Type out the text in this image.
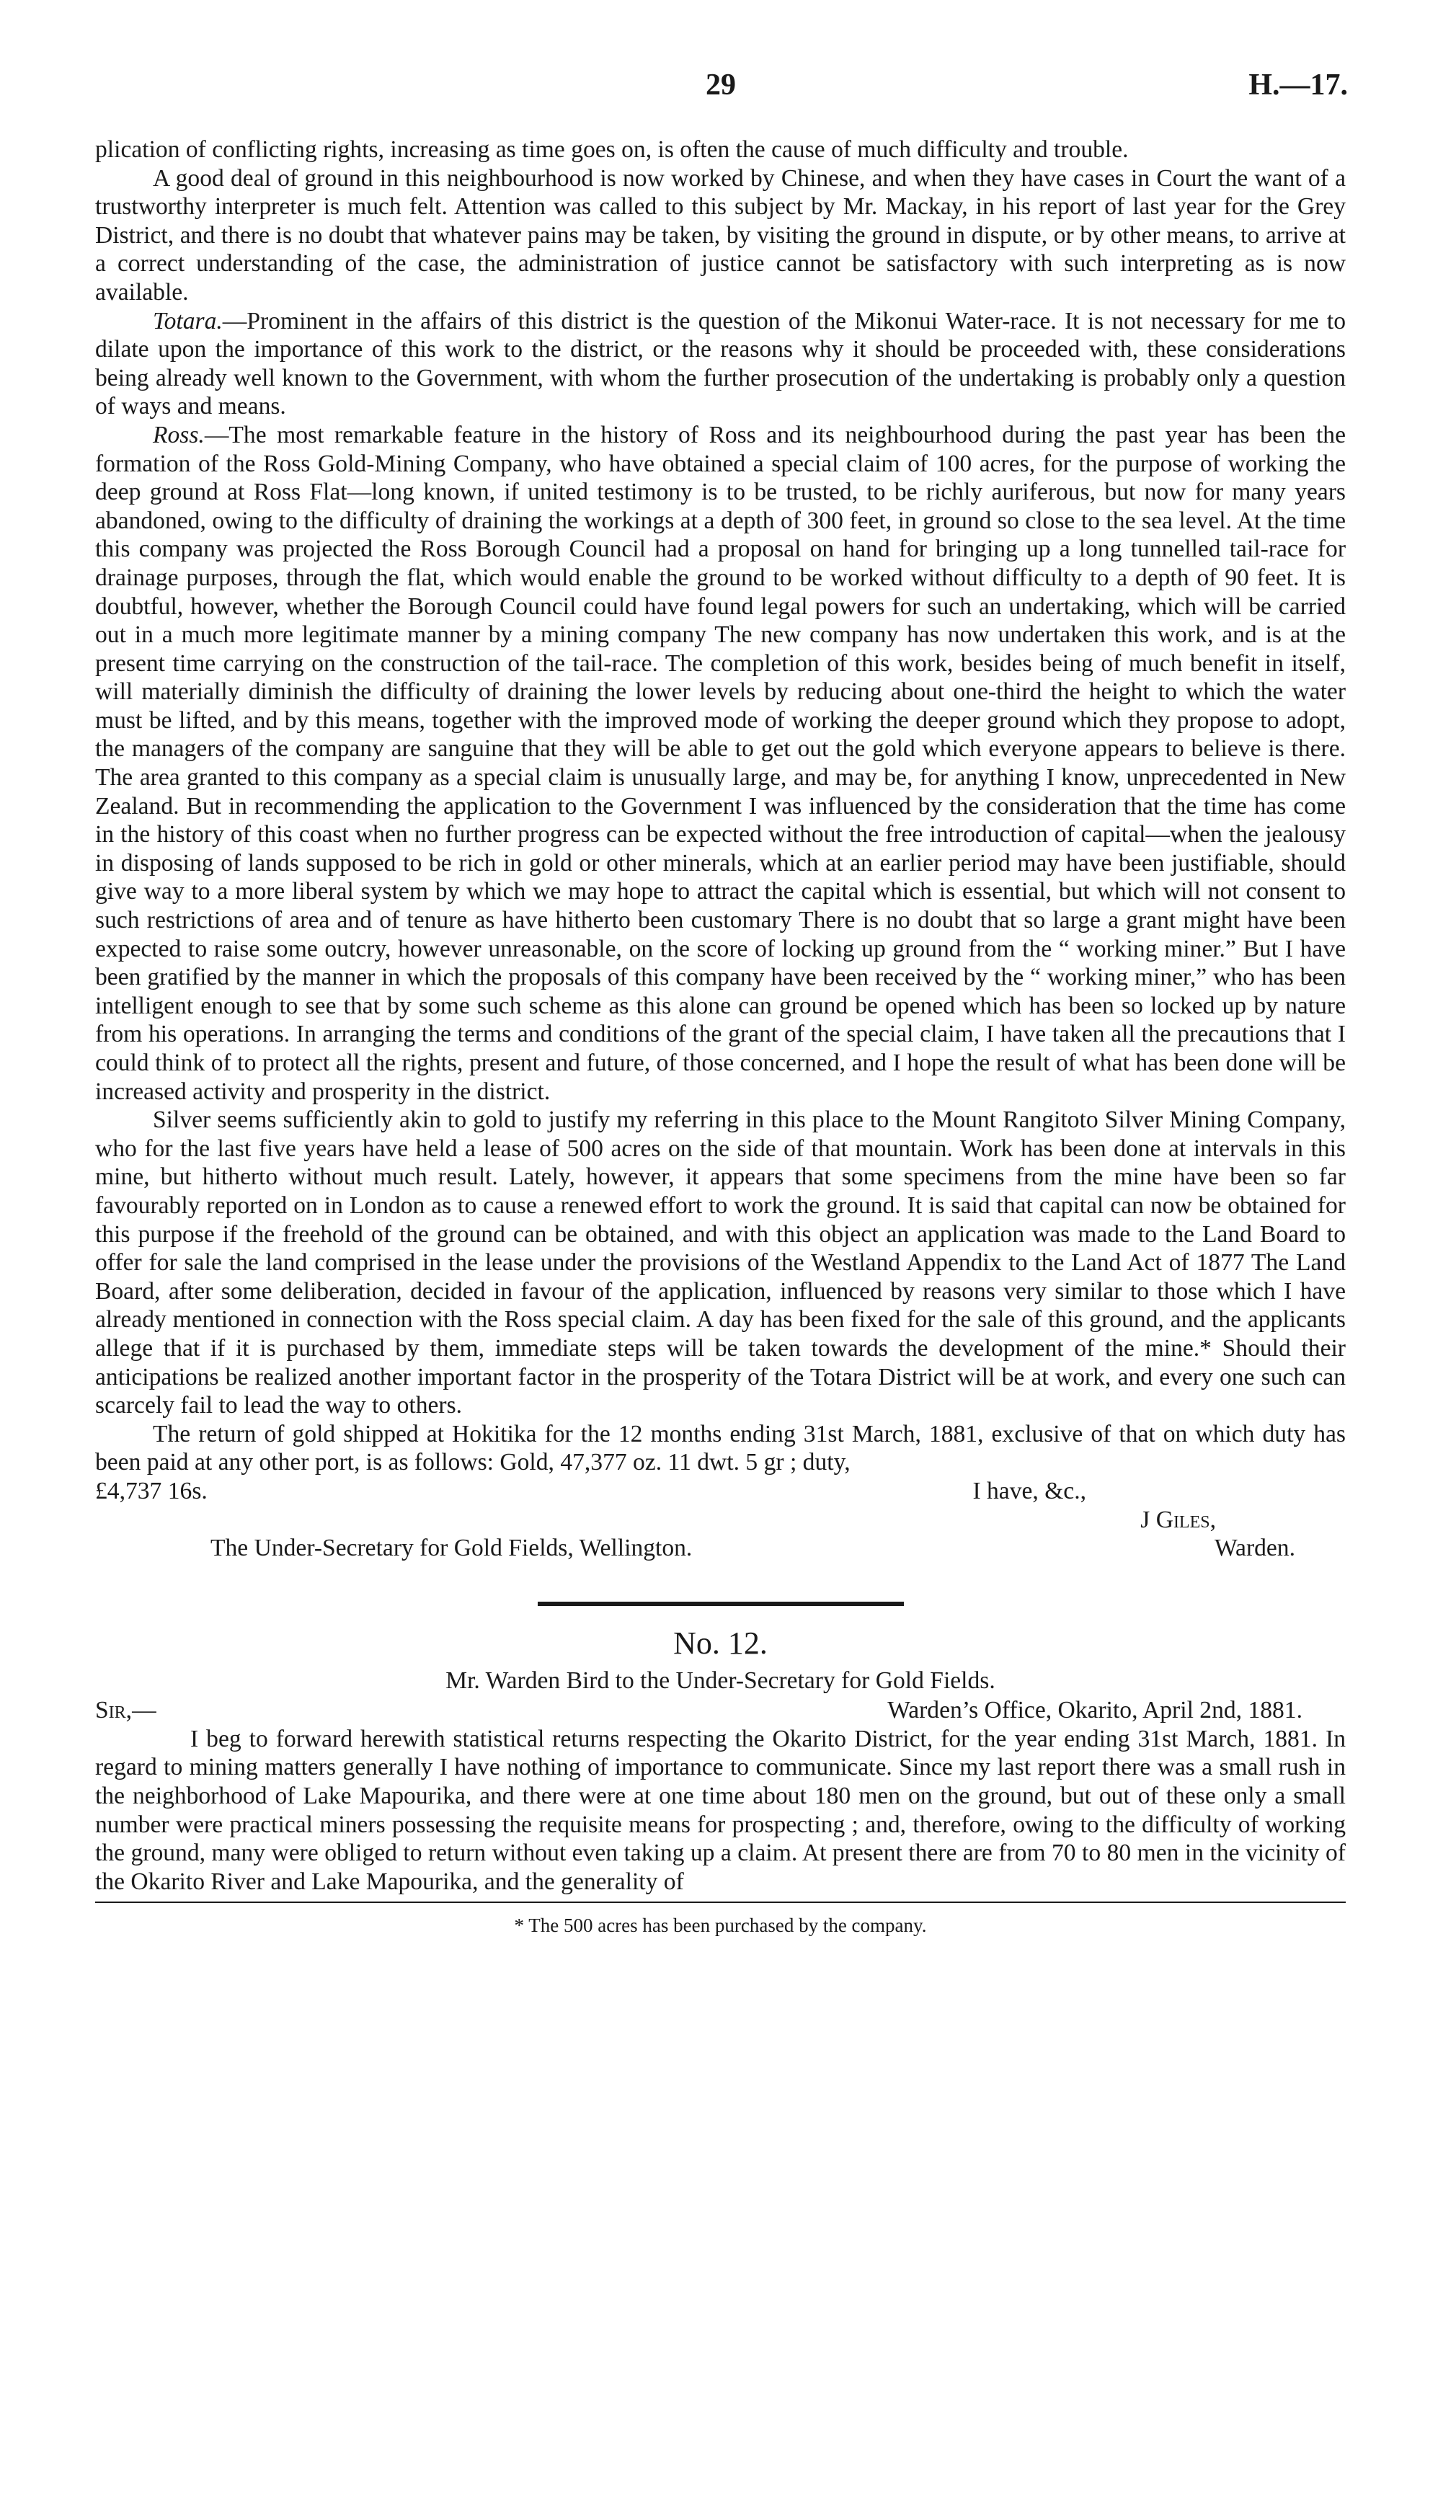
29	H.—17.

plication of conflicting rights, increasing as time goes on, is often the cause of much difficulty and trouble.

A good deal of ground in this neighbourhood is now worked by Chinese, and when they have cases in Court the want of a trustworthy interpreter is much felt. Attention was called to this subject by Mr. Mackay, in his report of last year for the Grey District, and there is no doubt that whatever pains may be taken, by visiting the ground in dispute, or by other means, to arrive at a correct understanding of the case, the administration of justice cannot be satisfactory with such interpreting as is now available.

Totara.—Prominent in the affairs of this district is the question of the Mikonui Water-race. It is not necessary for me to dilate upon the importance of this work to the district, or the reasons why it should be proceeded with, these considerations being already well known to the Government, with whom the further prosecution of the undertaking is probably only a question of ways and means.

Ross.—The most remarkable feature in the history of Ross and its neighbourhood during the past year has been the formation of the Ross Gold-Mining Company, who have obtained a special claim of 100 acres, for the purpose of working the deep ground at Ross Flat—long known, if united testimony is to be trusted, to be richly auriferous, but now for many years abandoned, owing to the difficulty of draining the workings at a depth of 300 feet, in ground so close to the sea level. At the time this company was projected the Ross Borough Council had a proposal on hand for bringing up a long tunnelled tail-race for drainage purposes, through the flat, which would enable the ground to be worked without difficulty to a depth of 90 feet. It is doubtful, however, whether the Borough Council could have found legal powers for such an undertaking, which will be carried out in a much more legitimate manner by a mining company The new company has now undertaken this work, and is at the present time carrying on the construction of the tail-race. The completion of this work, besides being of much benefit in itself, will materially diminish the difficulty of draining the lower levels by reducing about one-third the height to which the water must be lifted, and by this means, together with the improved mode of working the deeper ground which they propose to adopt, the managers of the company are sanguine that they will be able to get out the gold which everyone appears to believe is there. The area granted to this company as a special claim is unusually large, and may be, for anything I know, unprecedented in New Zealand. But in recommending the application to the Government I was influenced by the consideration that the time has come in the history of this coast when no further progress can be expected without the free introduction of capital—when the jealousy in disposing of lands supposed to be rich in gold or other minerals, which at an earlier period may have been justifiable, should give way to a more liberal system by which we may hope to attract the capital which is essential, but which will not consent to such restrictions of area and of tenure as have hitherto been customary There is no doubt that so large a grant might have been expected to raise some outcry, however unreasonable, on the score of locking up ground from the “ working miner.” But I have been gratified by the manner in which the proposals of this company have been received by the “ working miner,” who has been intelligent enough to see that by some such scheme as this alone can ground be opened which has been so locked up by nature from his operations. In arranging the terms and conditions of the grant of the special claim, I have taken all the precautions that I could think of to protect all the rights, present and future, of those concerned, and I hope the result of what has been done will be increased activity and prosperity in the district.

Silver seems sufficiently akin to gold to justify my referring in this place to the Mount Rangitoto Silver Mining Company, who for the last five years have held a lease of 500 acres on the side of that mountain. Work has been done at intervals in this mine, but hitherto without much result. Lately, however, it appears that some specimens from the mine have been so far favourably reported on in London as to cause a renewed effort to work the ground. It is said that capital can now be obtained for this purpose if the freehold of the ground can be obtained, and with this object an application was made to the Land Board to offer for sale the land comprised in the lease under the provisions of the Westland Appendix to the Land Act of 1877 The Land Board, after some deliberation, decided in favour of the application, influenced by reasons very similar to those which I have already mentioned in connection with the Ross special claim. A day has been fixed for the sale of this ground, and the applicants allege that if it is purchased by them, immediate steps will be taken towards the development of the mine.* Should their anticipations be realized another important factor in the prosperity of the Totara District will be at work, and every one such can scarcely fail to lead the way to others.

The return of gold shipped at Hokitika for the 12 months ending 31st March, 1881, exclusive of that on which duty has been paid at any other port, is as follows: Gold, 47,377 oz. 11 dwt. 5 gr ; duty,

£4,737 16s.	I have, &c.,
J Giles,
The Under-Secretary for Gold Fields, Wellington.	Warden.
No. 12.
Mr. Warden Bird to the Under-Secretary for Gold Fields.
Sir,—	Warden’s Office, Okarito, April 2nd, 1881.

I beg to forward herewith statistical returns respecting the Okarito District, for the year ending 31st March, 1881. In regard to mining matters generally I have nothing of importance to communicate. Since my last report there was a small rush in the neighborhood of Lake Mapourika, and there were at one time about 180 men on the ground, but out of these only a small number were practical miners possessing the requisite means for prospecting ; and, therefore, owing to the difficulty of working the ground, many were obliged to return without even taking up a claim. At present there are from 70 to 80 men in the vicinity of the Okarito River and Lake Mapourika, and the generality of

* The 500 acres has been purchased by the company.
